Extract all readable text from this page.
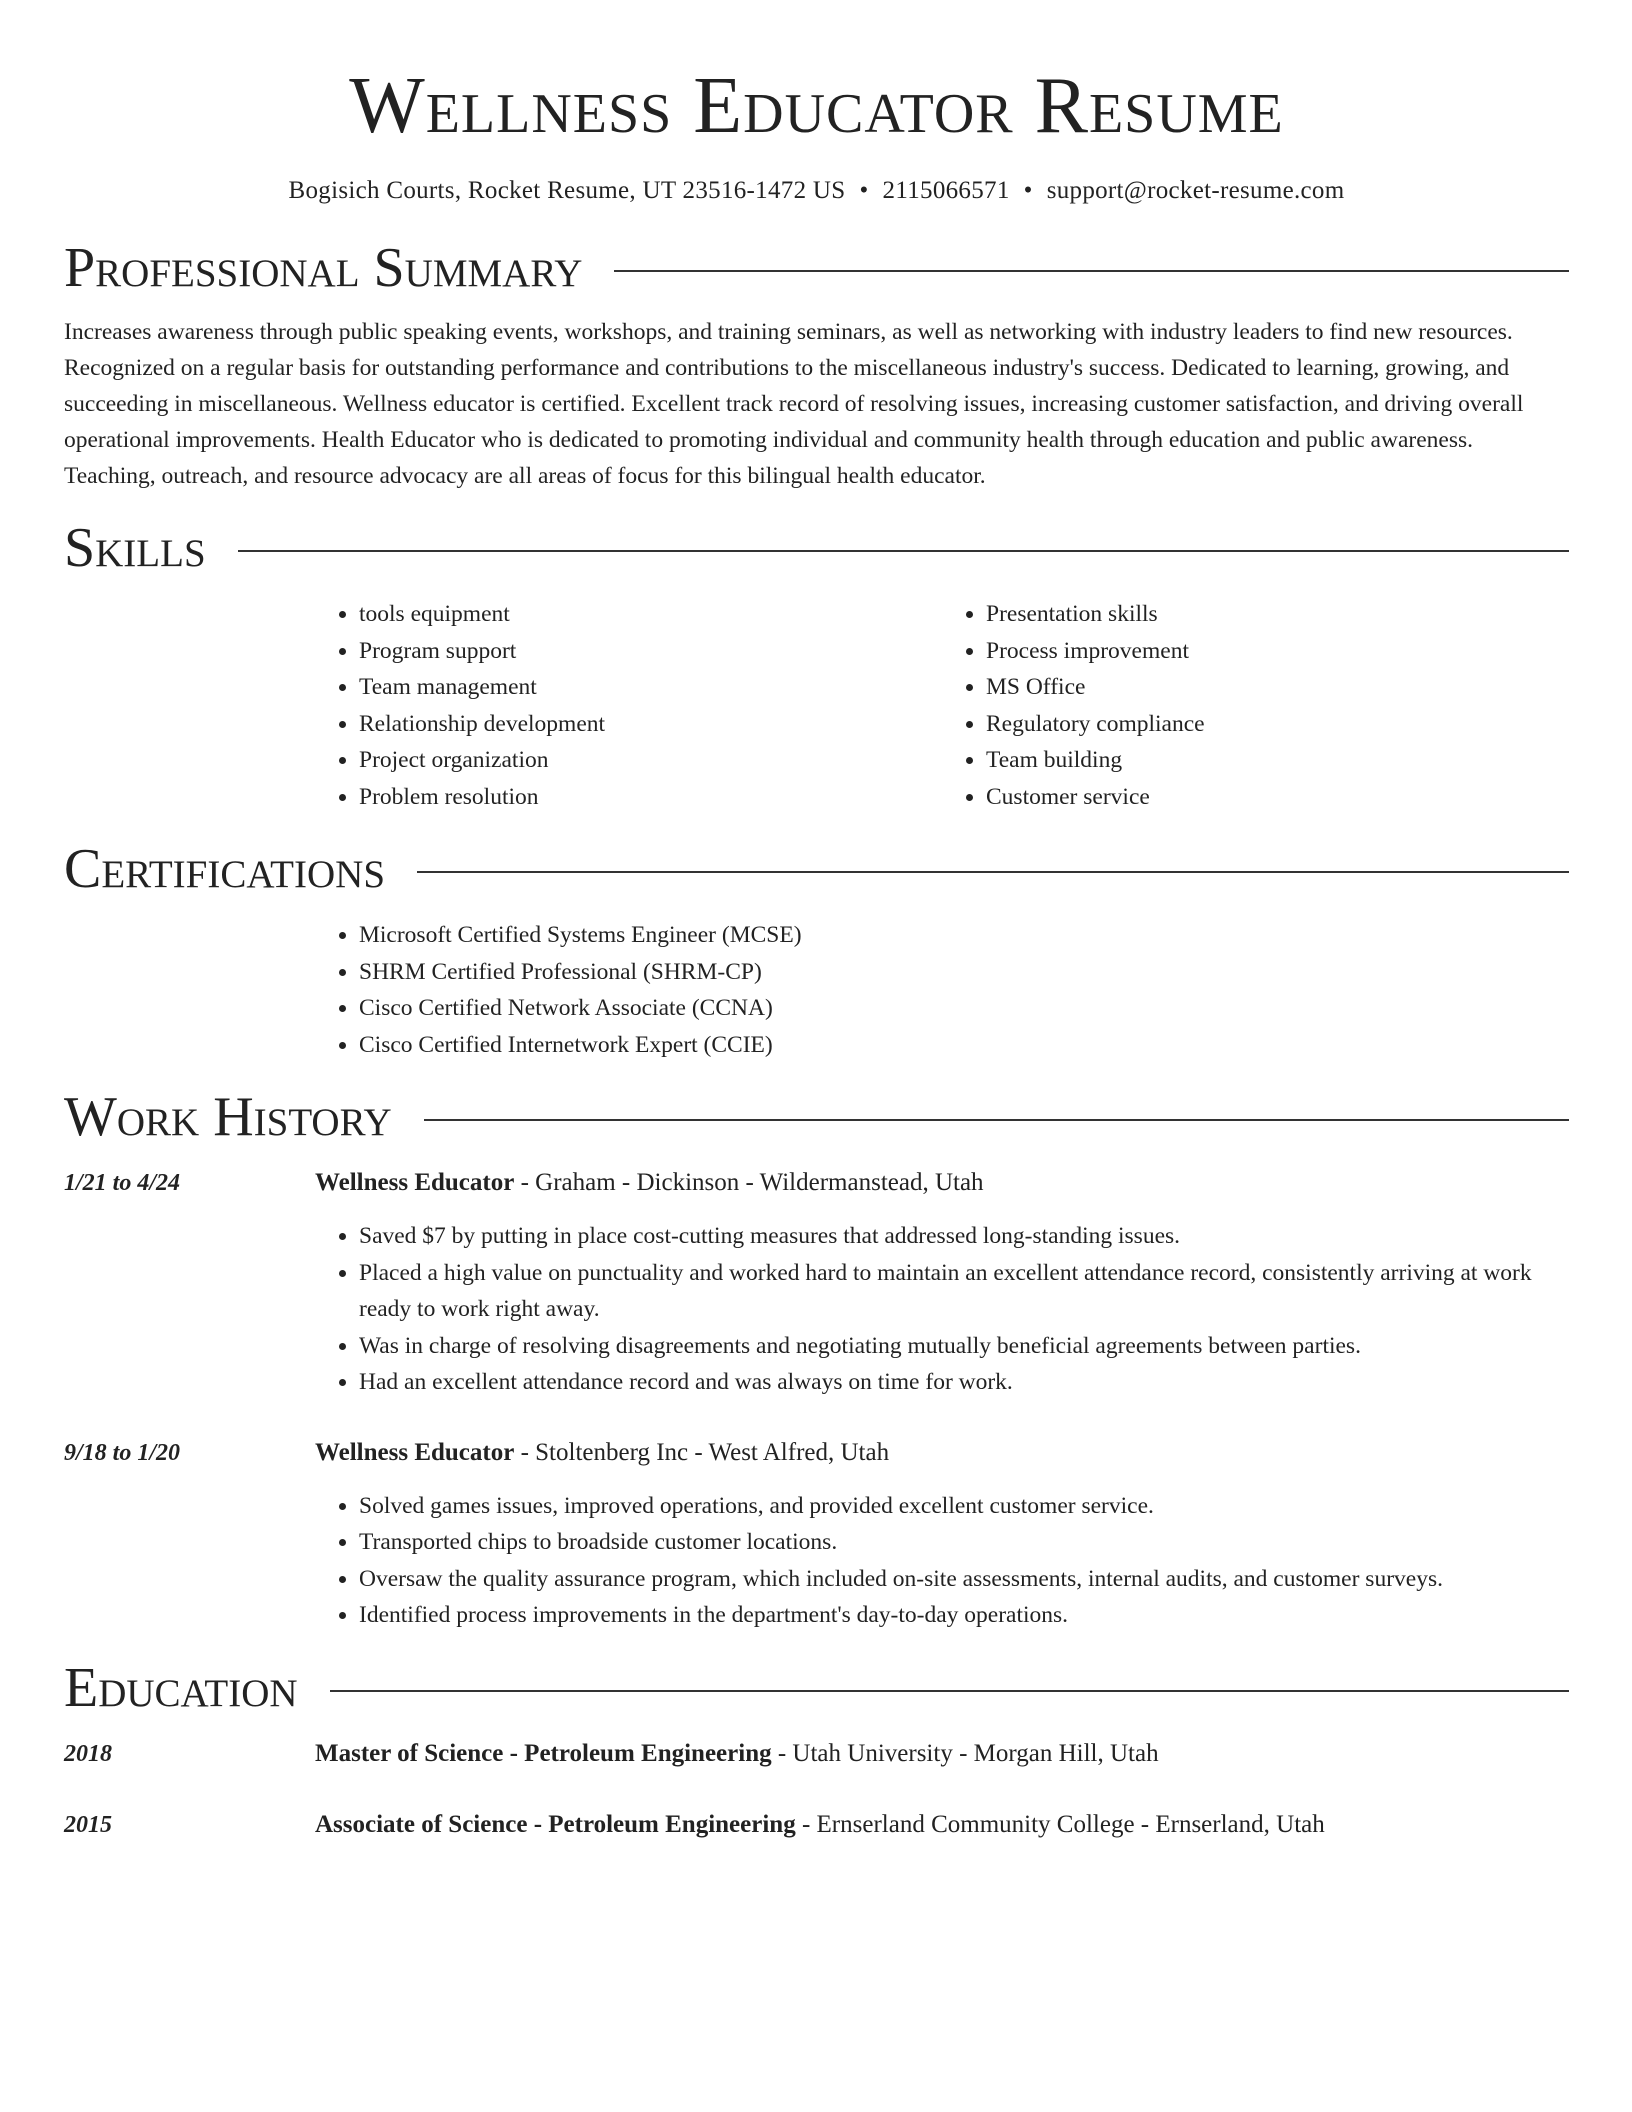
Wellness Educator Resume
Bogisich Courts, Rocket Resume, UT 23516-1472 US • 2115066571 • support@rocket-resume.com
Professional Summary

Increases awareness through public speaking events, workshops, and training seminars, as well as networking with industry leaders to find new resources. Recognized on a regular basis for outstanding performance and contributions to the miscellaneous industry's success. Dedicated to learning, growing, and succeeding in miscellaneous. Wellness educator is certified. Excellent track record of resolving issues, increasing customer satisfaction, and driving overall operational improvements. Health Educator who is dedicated to promoting individual and community health through education and public awareness. Teaching, outreach, and resource advocacy are all areas of focus for this bilingual health educator.

Skills
• tools equipment
• Program support
• Team management
• Relationship development
• Project organization
• Problem resolution
• Presentation skills
• Process improvement
• MS Office
• Regulatory compliance
• Team building
• Customer service
Certifications
• Microsoft Certified Systems Engineer (MCSE)
• SHRM Certified Professional (SHRM-CP)
• Cisco Certified Network Associate (CCNA)
• Cisco Certified Internetwork Expert (CCIE)
Work History
1/21 to 4/24	Wellness Educator - Graham - Dickinson - Wildermanstead, Utah
• Saved $7 by putting in place cost-cutting measures that addressed long-standing issues.
• Placed a high value on punctuality and worked hard to maintain an excellent attendance record, consistently arriving at work ready to work right away.
• Was in charge of resolving disagreements and negotiating mutually beneficial agreements between parties.
• Had an excellent attendance record and was always on time for work.
9/18 to 1/20	Wellness Educator - Stoltenberg Inc - West Alfred, Utah
• Solved games issues, improved operations, and provided excellent customer service.
• Transported chips to broadside customer locations.
• Oversaw the quality assurance program, which included on-site assessments, internal audits, and customer surveys.
• Identified process improvements in the department's day-to-day operations.
Education
2018	Master of Science - Petroleum Engineering - Utah University - Morgan Hill, Utah
2015	Associate of Science - Petroleum Engineering - Ernserland Community College - Ernserland, Utah
